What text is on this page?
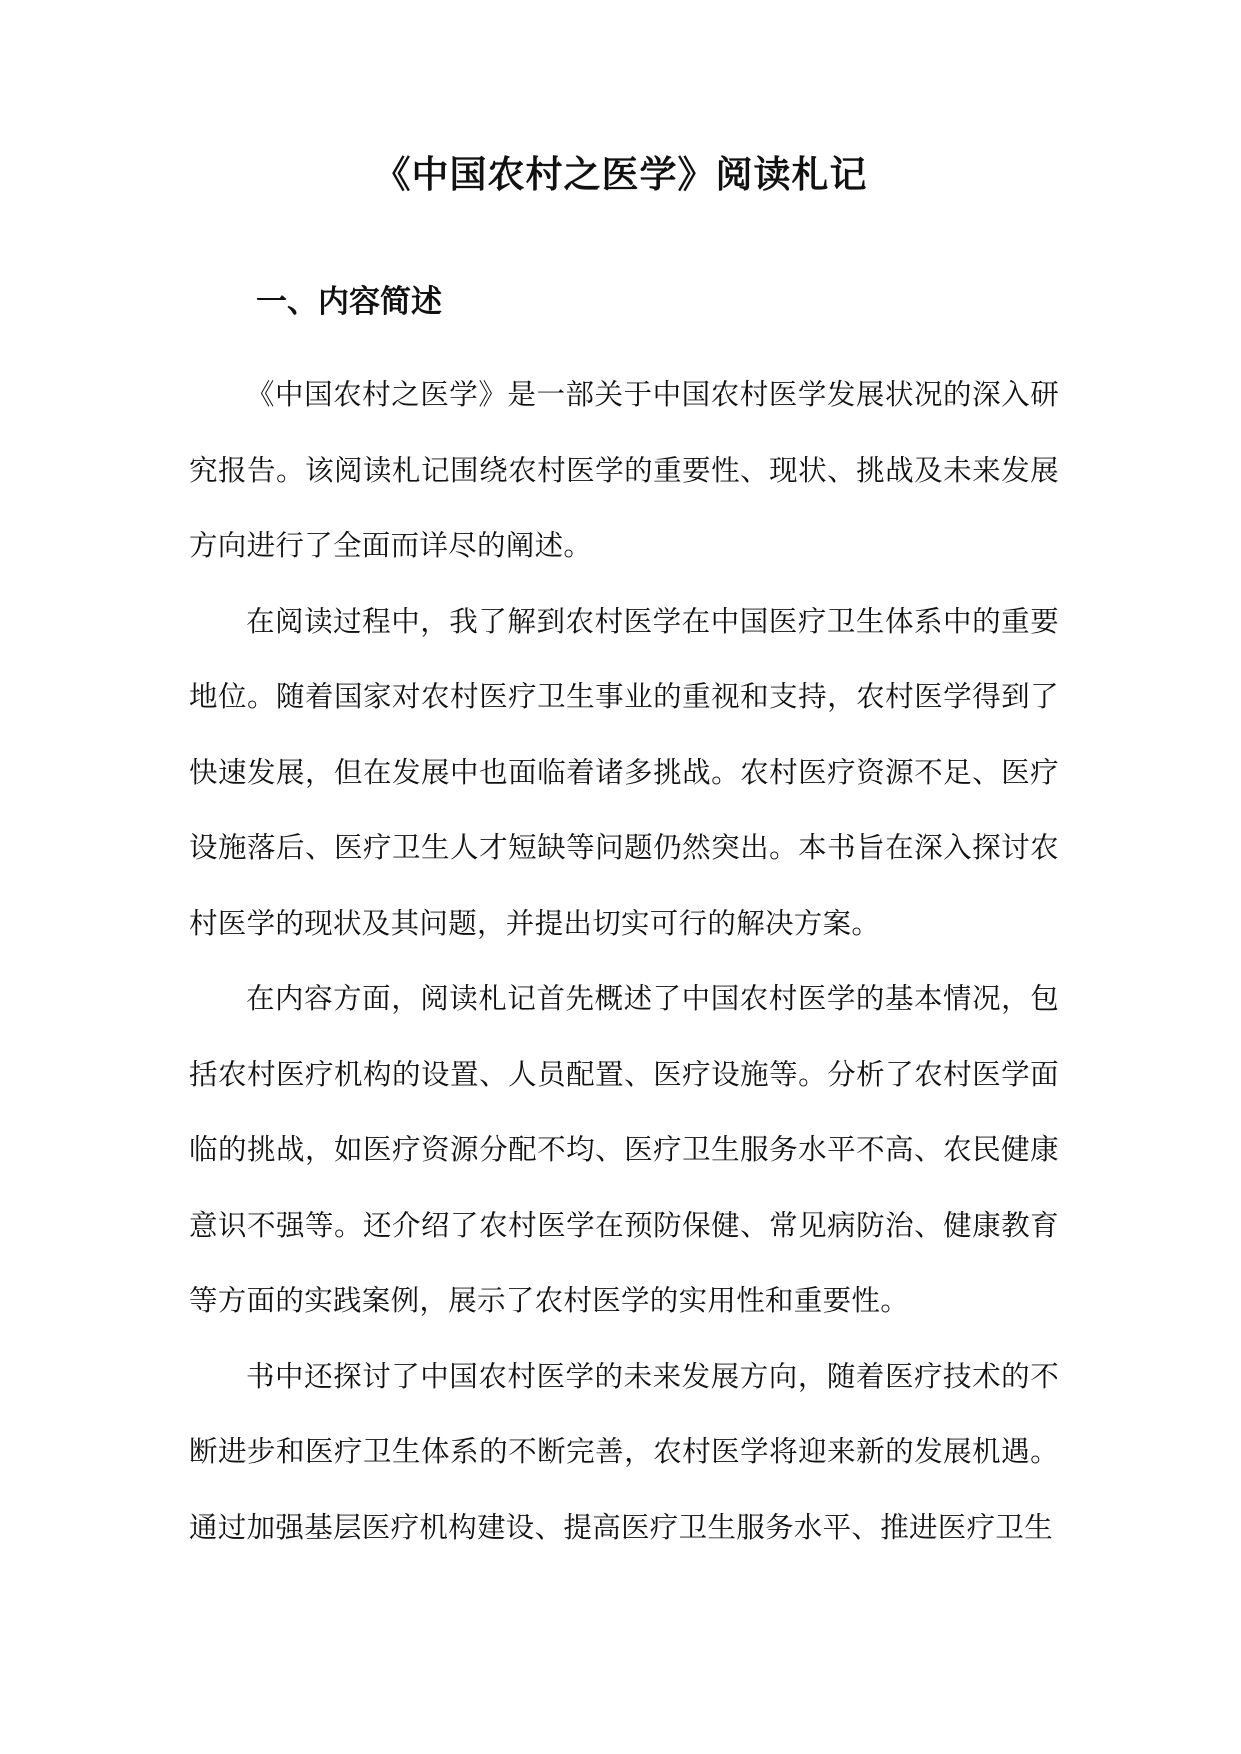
《中国农村之医学》阅读札记
一、内容简述

《中国农村之医学》是一部关于中国农村医学发展状况的深入研究报告。该阅读札记围绕农村医学的重要性、现状、挑战及未来发展方向进行了全面而详尽的阐述。

在阅读过程中，我了解到农村医学在中国医疗卫生体系中的重要地位。随着国家对农村医疗卫生事业的重视和支持，农村医学得到了快速发展，但在发展中也面临着诸多挑战。农村医疗资源不足、医疗设施落后、医疗卫生人才短缺等问题仍然突出。本书旨在深入探讨农村医学的现状及其问题，并提出切实可行的解决方案。

在内容方面，阅读札记首先概述了中国农村医学的基本情况，包括农村医疗机构的设置、人员配置、医疗设施等。分析了农村医学面临的挑战，如医疗资源分配不均、医疗卫生服务水平不高、农民健康意识不强等。还介绍了农村医学在预防保健、常见病防治、健康教育等方面的实践案例，展示了农村医学的实用性和重要性。

书中还探讨了中国农村医学的未来发展方向，随着医疗技术的不断进步和医疗卫生体系的不断完善，农村医学将迎来新的发展机遇。通过加强基层医疗机构建设、提高医疗卫生服务水平、推进医疗卫生
